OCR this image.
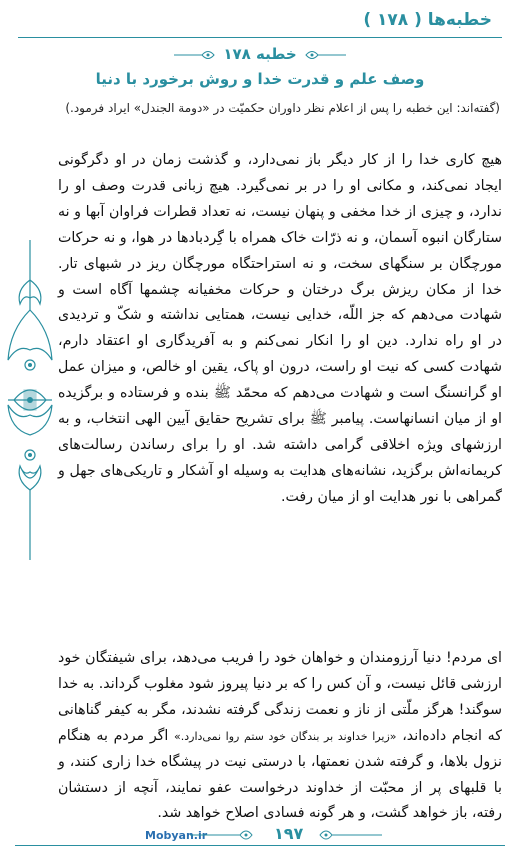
خطبه‌ها ( ۱۷۸ )
خطبه ۱۷۸
وصف علم و قدرت خدا و روش برخورد با دنیا
(گفته‌اند: این خطبه را پس از اعلام نظر داوران حکمیّت در «دومة الجندل» ایراد فرمود.)
هیچ کاری خدا را از کار دیگر باز نمی‌دارد، و گذشت زمان در او دگرگونی ایجاد نمی‌کند، و مکانی او را در بر نمی‌گیرد. هیچ زبانی قدرت وصف او را ندارد، و چیزی از خدا مخفی و پنهان نیست، نه تعداد قطرات فراوان آبها و نه ستارگان انبوه آسمان، و نه ذرّات خاک همراه با گِردبادها در هوا، و نه حرکات مورچگان بر سنگهای سخت، و نه استراحتگاه مورچگان ریز در شبهای تار. خدا از مکان ریزش برگ درختان و حرکات مخفیانه چشمها آگاه است و شهادت می‌دهم که جز اللّه، خدایی نیست، همتایی نداشته و شکّ و تردیدی در او راه ندارد. دین او را انکار نمی‌کنم و به آفریدگاری او اعتقاد دارم، شهادت کسی که نیت او راست، درون او پاک، یقین او خالص، و میزان عمل او گرانسنگ است و شهادت می‌دهم که محمّد ﷺ بنده و فرستاده و برگزیده او از میان انسانهاست. پیامبر ﷺ برای تشریح حقایق آیین الهی انتخاب، و به ارزشهای ویژه اخلاقی گرامی داشته شد. او را برای رساندن رسالت‌های کریمانه‌اش برگزید، نشانه‌های هدایت به وسیله او آشکار و تاریکی‌های جهل و گمراهی با نور هدایت او از میان رفت.
ای مردم! دنیا آرزومندان و خواهان خود را فریب می‌دهد، برای شیفتگان خود ارزشی قائل نیست، و آن کس را که بر دنیا پیروز شود مغلوب گرداند. به خدا سوگند! هرگز ملّتی از ناز و نعمت زندگی گرفته نشدند، مگر به کیفر گناهانی که انجام داده‌اند، «زیرا خداوند بر بندگان خود ستم روا نمی‌دارد.» اگر مردم به هنگام نزول بلاها، و گرفته شدن نعمتها، با درستی نیت در پیشگاه خدا زاری کنند، و با قلبهای پر از محبّت از خداوند درخواست عفو نمایند، آنچه از دستشان رفته، باز خواهد گشت، و هر گونه فسادی اصلاح خواهد شد.
Mobyan.ir	۱۹۷
